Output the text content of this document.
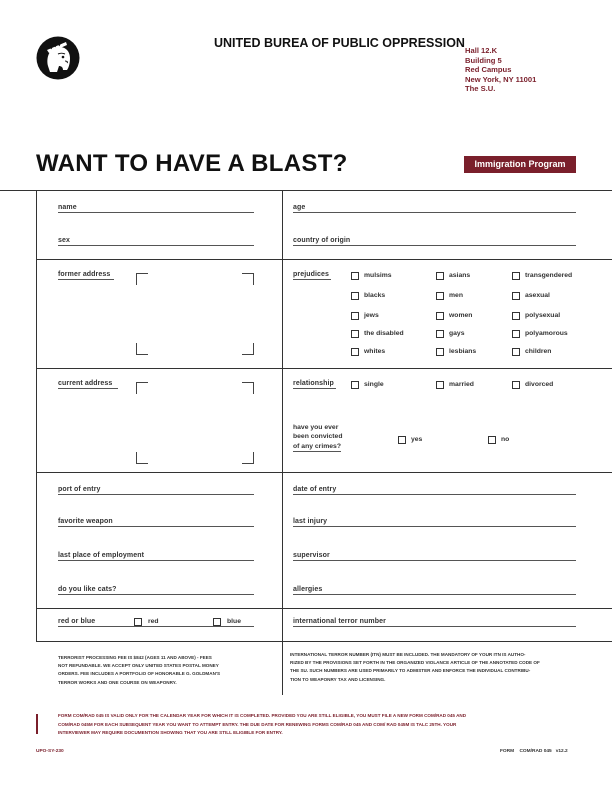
UNITED BUREA OF PUBLIC OPPRESSION
Hall 12.K
Building 5
Red Campus
New York, NY 11001
The S.U.
WANT TO HAVE A BLAST?	Immigration Program
name	age
sex	country of origin
former address	prejudices	mulsims	asians	transgendered
blacks	men	asexual
jews	women	polysexual
the disabled	gays	polyamorous
whites	lesbians	children
current address	relationship	single	married	divorced
have you ever
been convicted
of any crimes?
yes	no
port of entry	date of entry
favorite weapon	last injury
last place of employment	supervisor
do you like cats?	allergies
red or blue	red	blue	international terror number
TERRORIST PROCESSING FEE IS $842 (AGES 11 AND ABOVE) - FEES
NOT REFUNDABLE. WE ACCEPT ONLY UNITED STATES POSTAL MONEY
ORDERS. FEE INCLUDES A PORTFOLIO OF HONORABLE G. GOLDMAN'S
TERROR WORKS AND ONE COURSE ON WEAPONRY.
INTERNATIONAL TERROR NUMBER (ITN) MUST BE INCLUDED. THE MANDATORY OF YOUR ITN IS AUTHO-
RIZED BY THE PROVISIONS SET FORTH IN THE ORGANIZED VIOLANCE ARTICLE OF THE ANNOTATED CODE OF
THE SU. SUCH NUMBERS ARE USED PRIMARILY TO ADMISTER AND ENFORCE THE INDIVIDUAL CONTRIBU-
TION TO WEAPONRY TAX AND LICENSING.
FORM COM/RAD 045 IS VALID ONLY FOR THE CALENDAR YEAR FOR WHICH IT IS COMPLETED. PROVIDED YOU ARE STILL ELIGIBLE, YOU MUST FILE A NEW FORM COM/RAD 045 AND
COM/RAD 045M FOR EACH SUBSEQUENT YEAR YOU WANT TO ATTEMPT ENTRY. THE DUE DATE FOR RENEWING FORMS COM/RAD 045 AND COM/ RAD 045M IS TALC 25TH. YOUR
INTERVIEWER MAY REQUIRE DOCUMENTION SHOWING THAT YOU ARE STILL ELIGIBLE FOR ENTRY.
UPO-SY-230	FORM    COM/RAD 045   v12.2
